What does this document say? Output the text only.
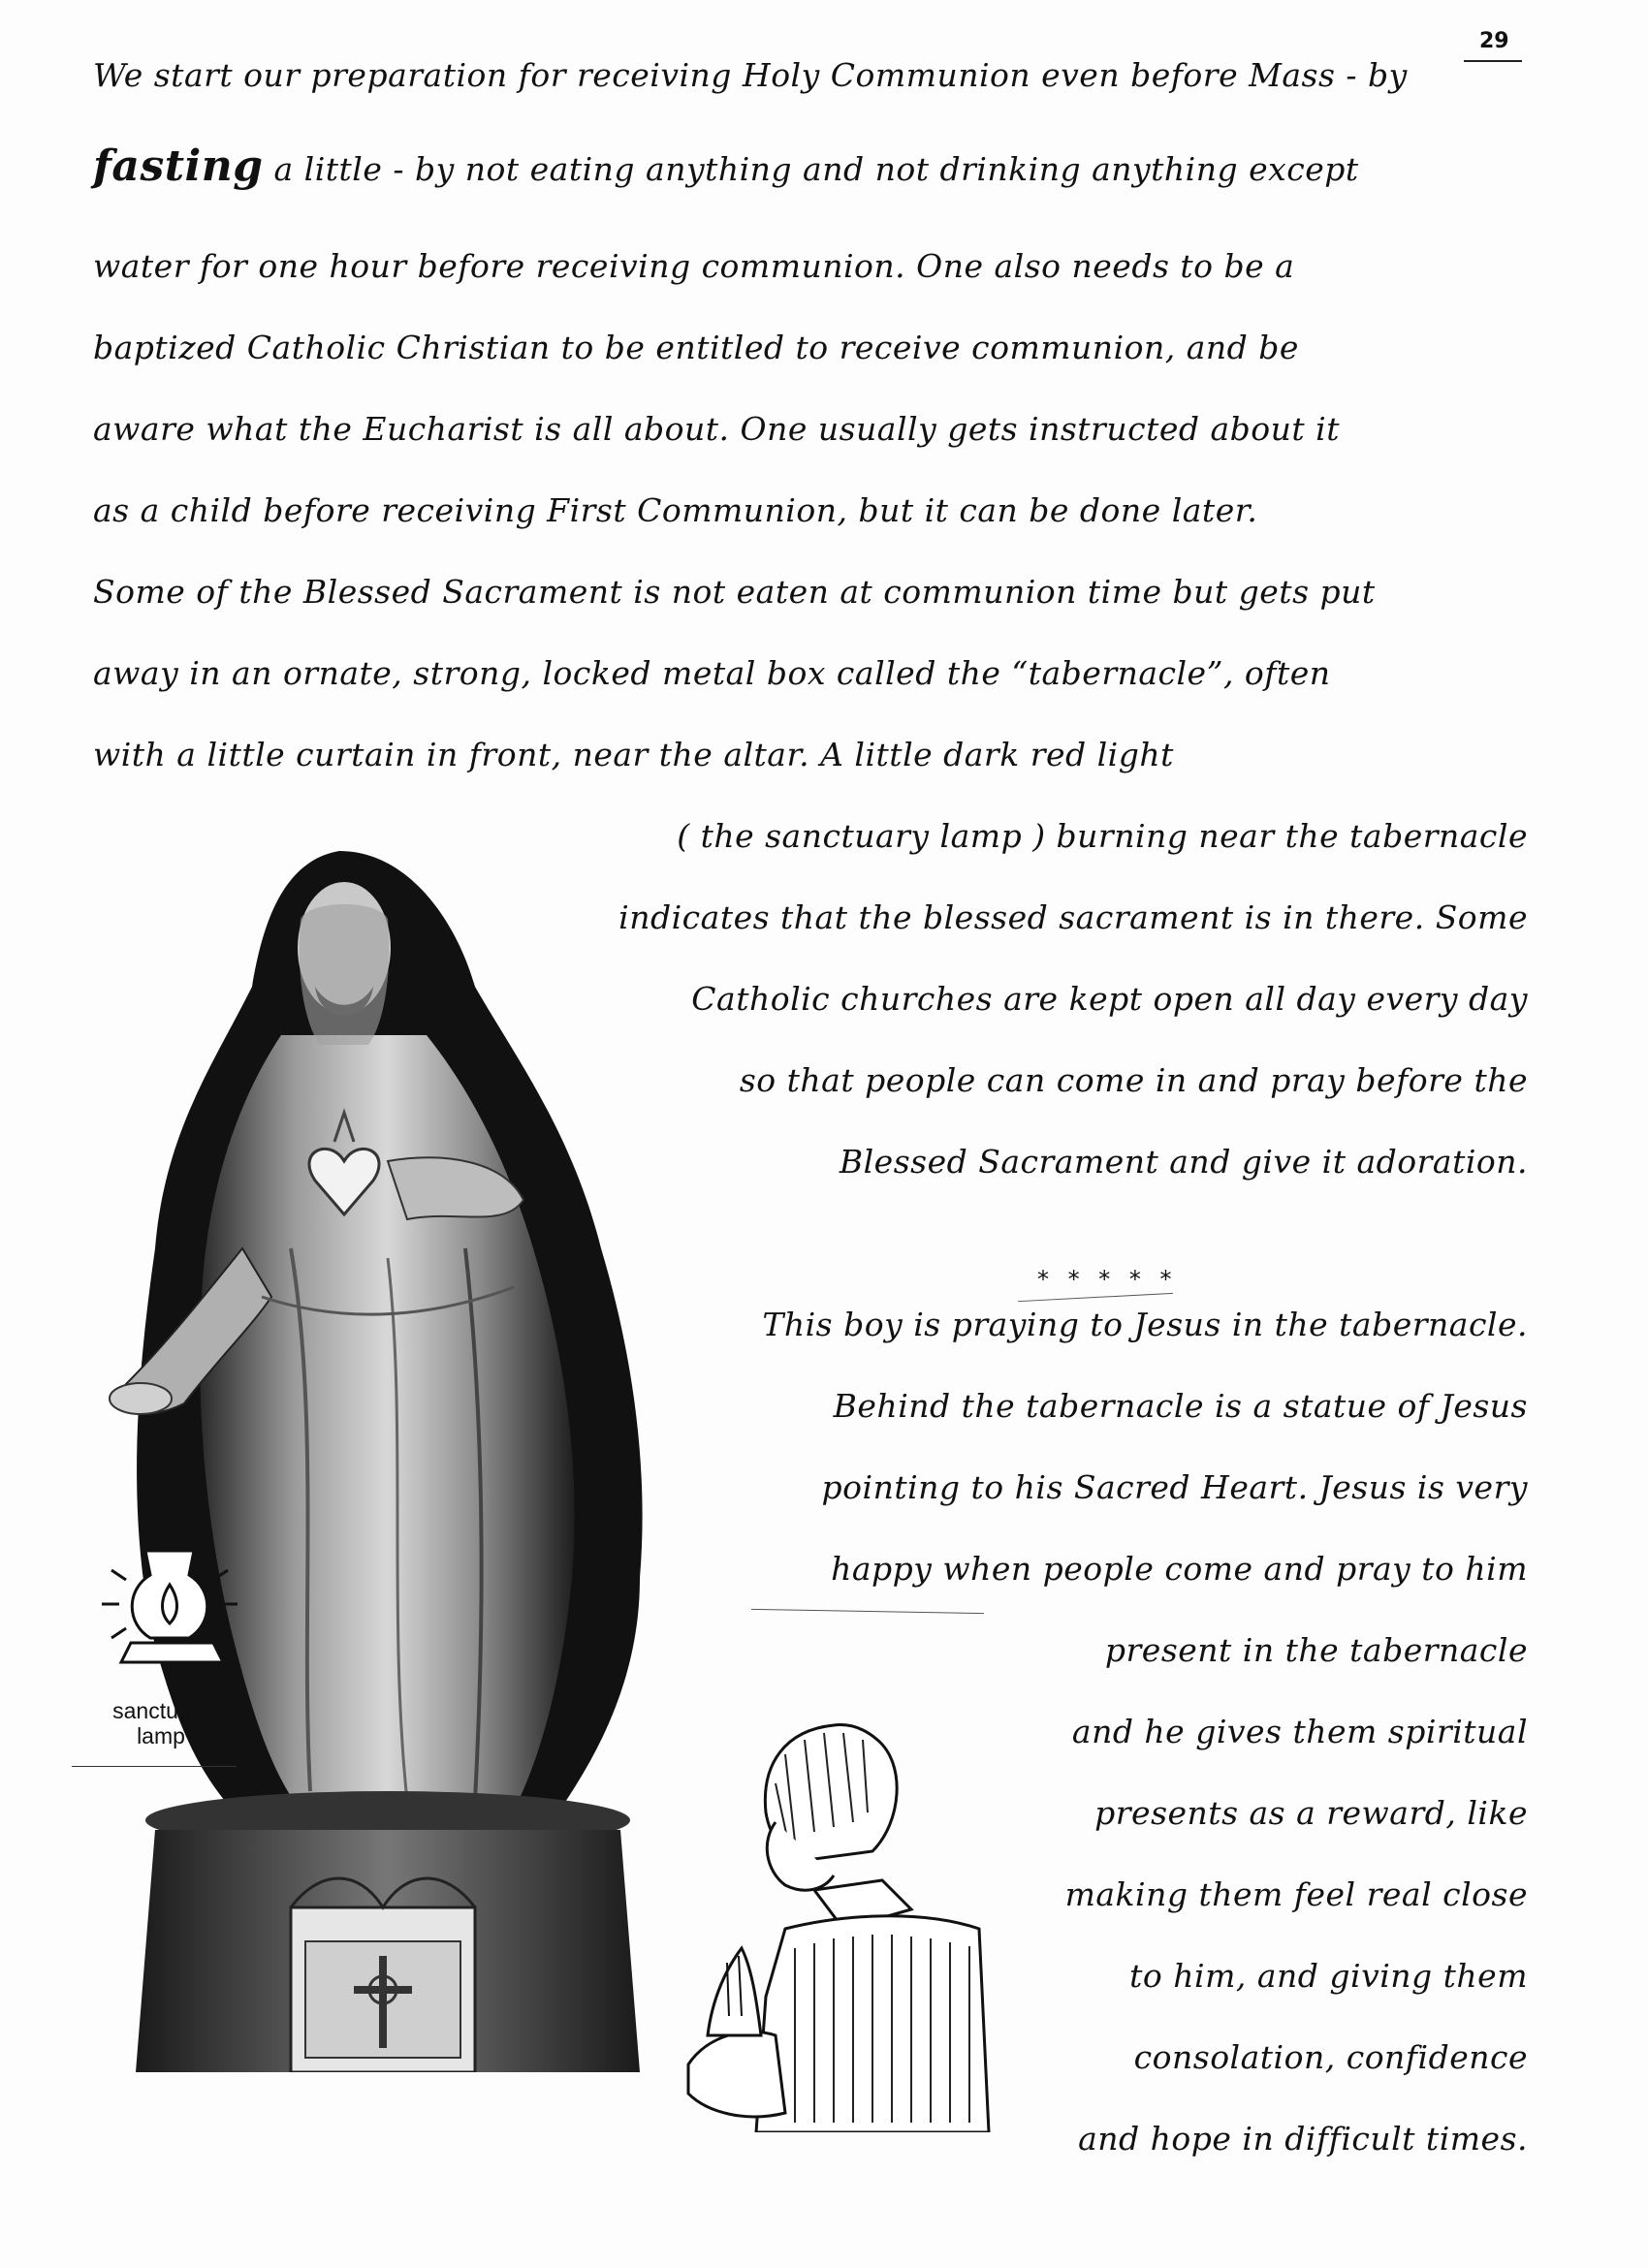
29
We start our preparation for receiving Holy Communion even before Mass - by
fasting a little - by not eating anything and not drinking anything except
water for one hour before receiving communion. One also needs to be a
baptized Catholic Christian to be entitled to receive communion, and be
aware what the Eucharist is all about. One usually gets instructed about it
as a child before receiving First Communion, but it can be done later.
Some of the Blessed Sacrament is not eaten at communion time but gets put
away in an ornate, strong, locked metal box called the “tabernacle”, often
with a little curtain in front, near the altar. A little dark red light
( the sanctuary lamp ) burning near the tabernacle
indicates that the blessed sacrament is in there. Some
Catholic churches are kept open all day every day
so that people can come in and pray before the
Blessed Sacrament and give it adoration.
* * * * *
This boy is praying to Jesus in the tabernacle.
Behind the tabernacle is a statue of Jesus
pointing to his Sacred Heart. Jesus is very
happy when people come and pray to him
present in the tabernacle
and he gives them spiritual
presents as a reward, like
making them feel real close
to him, and giving them
consolation, confidence
and hope in difficult times.
sanctuary
lamp
